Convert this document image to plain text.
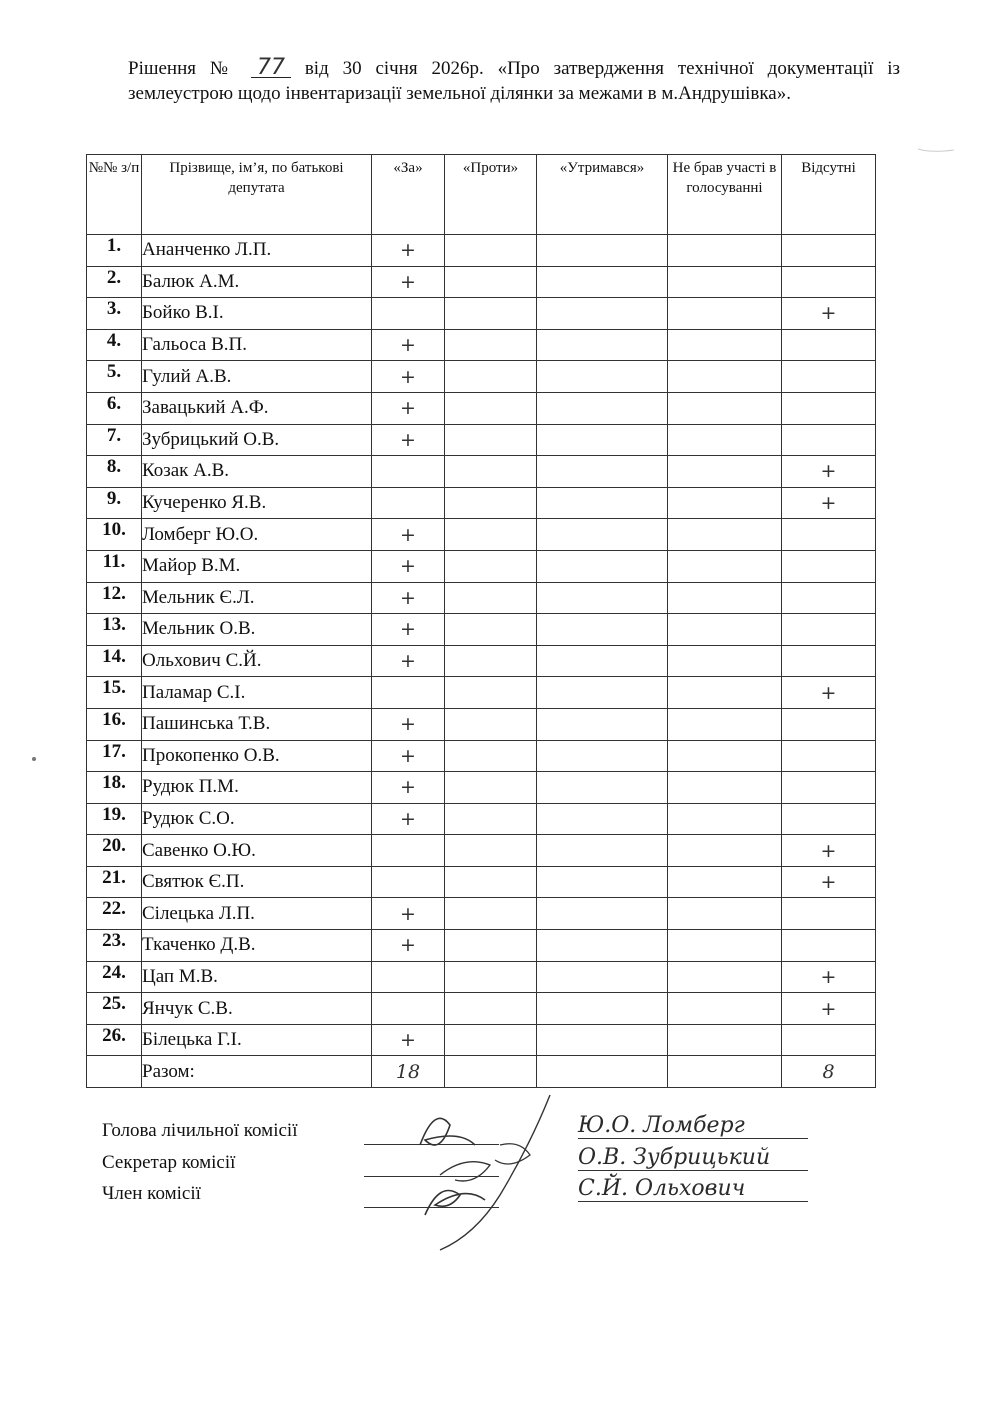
Рішення № 77 від 30 січня 2026р. «Про затвердження технічної документації із землеустрою щодо інвентаризації земельної ділянки за межами в м.Андрушівка».
№№ з/п	Прізвище, ім’я, по батькові депутата	«За»	«Проти»	«Утримався»	Не брав участі в голосуванні	Відсутні
1.	Ананченко Л.П.	+				
2.	Балюк А.М.	+				
3.	Бойко В.І.					+
4.	Гальоса В.П.	+				
5.	Гулий А.В.	+				
6.	Завацький А.Ф.	+				
7.	Зубрицький О.В.	+				
8.	Козак А.В.					+
9.	Кучеренко Я.В.					+
10.	Ломберг Ю.О.	+				
11.	Майор В.М.	+				
12.	Мельник Є.Л.	+				
13.	Мельник О.В.	+				
14.	Ольхович С.Й.	+				
15.	Паламар С.І.					+
16.	Пашинська Т.В.	+				
17.	Прокопенко О.В.	+				
18.	Рудюк П.М.	+				
19.	Рудюк С.О.	+				
20.	Савенко О.Ю.					+
21.	Святюк Є.П.					+
22.	Сілецька Л.П.	+				
23.	Ткаченко Д.В.	+				
24.	Цап М.В.					+
25.	Янчук С.В.					+
26.	Білецька Г.І.	+				
	Разом:	18				8
Голова лічильної комісії	Ю.О. Ломберг
Секретар комісії	О.В. Зубрицький
Член комісії	С.Й. Ольхович
